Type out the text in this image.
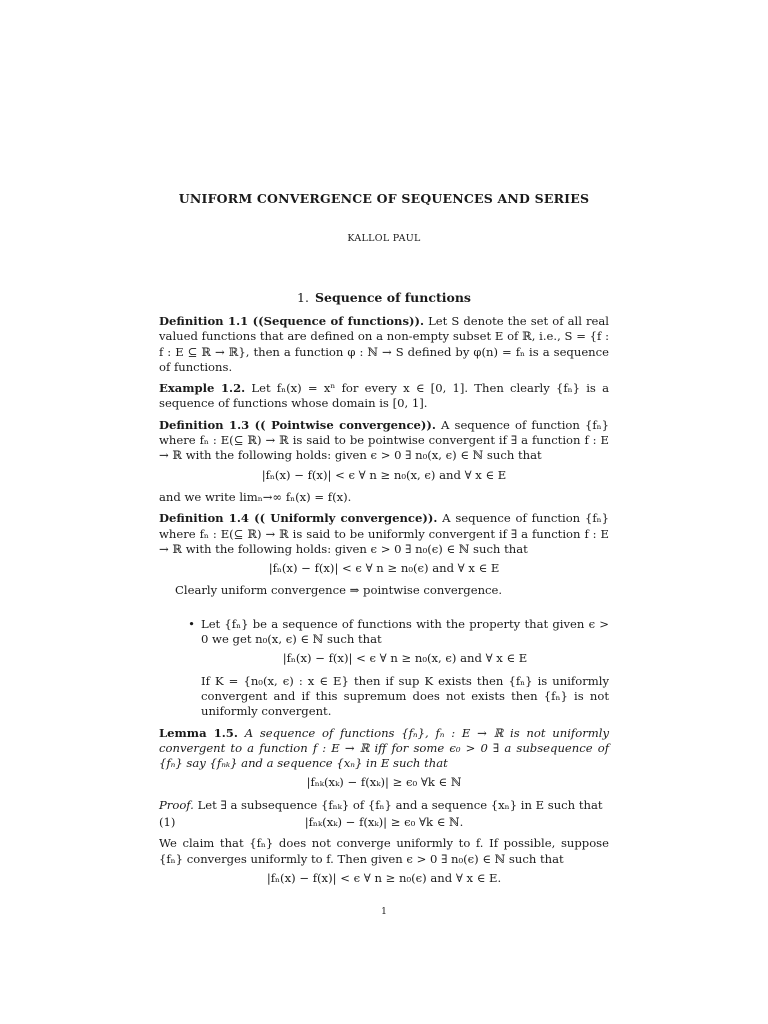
UNIFORM CONVERGENCE OF SEQUENCES AND SERIES
KALLOL PAUL
1. Sequence of functions

Definition 1.1 ((Sequence of functions)). Let S denote the set of all real valued functions that are defined on a non-empty subset E of ℝ, i.e., S = {f : f : E ⊆ ℝ → ℝ}, then a function φ : ℕ → S defined by φ(n) = fₙ is a sequence of functions.

Example 1.2. Let fₙ(x) = xⁿ for every x ∈ [0, 1]. Then clearly {fₙ} is a sequence of functions whose domain is [0, 1].

Definition 1.3 (( Pointwise convergence)). A sequence of function {fₙ} where fₙ : E(⊆ ℝ) → ℝ is said to be pointwise convergent if ∃ a function f : E → ℝ with the following holds: given ϵ > 0 ∃ n₀(x, ϵ) ∈ ℕ such that

|fₙ(x) − f(x)| < ϵ ∀ n ≥ n₀(x, ϵ) and ∀ x ∈ E

and we write limₙ→∞ fₙ(x) = f(x).

Definition 1.4 (( Uniformly convergence)). A sequence of function {fₙ} where fₙ : E(⊆ ℝ) → ℝ is said to be uniformly convergent if ∃ a function f : E → ℝ with the following holds: given ϵ > 0 ∃ n₀(ϵ) ∈ ℕ such that

|fₙ(x) − f(x)| < ϵ ∀ n ≥ n₀(ϵ) and ∀ x ∈ E

Clearly uniform convergence ⇒ pointwise convergence.

• Let {fₙ} be a sequence of functions with the property that given ϵ > 0 we get n₀(x, ϵ) ∈ ℕ such that
|fₙ(x) − f(x)| < ϵ ∀ n ≥ n₀(x, ϵ) and ∀ x ∈ E
If K = {n₀(x, ϵ) : x ∈ E} then if sup K exists then {fₙ} is uniformly convergent and if this supremum does not exists then {fₙ} is not uniformly convergent.

Lemma 1.5. A sequence of functions {fₙ}, fₙ : E → ℝ is not uniformly convergent to a function f : E → ℝ iff for some ϵ₀ > 0 ∃ a subsequence of {fₙ} say {fₙₖ} and a sequence {xₙ} in E such that

|fₙₖ(xₖ) − f(xₖ)| ≥ ϵ₀ ∀k ∈ ℕ

Proof. Let ∃ a subsequence {fₙₖ} of {fₙ} and a sequence {xₙ} in E such that

(1)	|fₙₖ(xₖ) − f(xₖ)| ≥ ϵ₀ ∀k ∈ ℕ.

We claim that {fₙ} does not converge uniformly to f. If possible, suppose {fₙ} converges uniformly to f. Then given ϵ > 0 ∃ n₀(ϵ) ∈ ℕ such that

|fₙ(x) − f(x)| < ϵ ∀ n ≥ n₀(ϵ) and ∀ x ∈ E.
1
